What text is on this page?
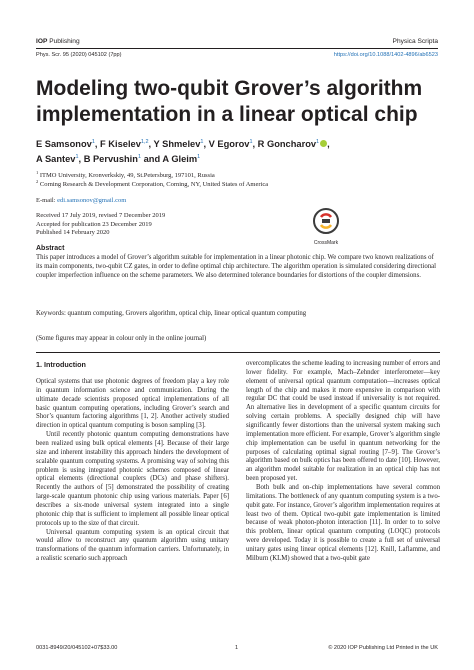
IOP Publishing	Physica Scripta
Phys. Scr. 95 (2020) 045102 (7pp)	https://doi.org/10.1088/1402-4896/ab6523
Modeling two-qubit Grover’s algorithm implementation in a linear optical chip
E Samsonov$^1$, F Kiselev$^{1,2}$, Y Shmelev$^1$, V Egorov$^1$, R Goncharov$^1$ ,
A Santev$^1$, B Pervushin$^1$ and A Gleim$^1$
$^1$ ITMO University, Kronverkskiy, 49, St.Petersburg, 197101, Russia
$^2$ Corning Research & Development Corporation, Corning, NY, United States of America
E-mail: edi.samsonov@gmail.com
Received 17 July 2019, revised 7 December 2019
Accepted for publication 23 December 2019
Published 14 February 2020
CrossMark
Abstract
This paper introduces a model of Grover’s algorithm suitable for implementation in a linear photonic chip. We compare two known realizations of its main components, two-qubit CZ gates, in order to define optimal chip architecture. The algorithm operation is simulated considering directional coupler imperfection influence on the scheme parameters. We also determined tolerance boundaries for distortions of the coupler dimensions.
Keywords: quantum computing, Grovers algorithm, optical chip, linear optical quantum computing
(Some figures may appear in colour only in the online journal)
1. Introduction

Optical systems that use photonic degrees of freedom play a key role in quantum information science and communication. During the ultimate decade scientists proposed optical implementations of all basic quantum computing operations, including Grover’s search and Shor’s quantum factoring algorithms [1, 2]. Another actively studied direction in optical quantum computing is boson sampling [3].

Until recently photonic quantum computing demonstrations have been realized using bulk optical elements [4]. Because of their large size and inherent instability this approach hinders the development of scalable quantum computing systems. A promising way of solving this problem is using integrated photonic schemes composed of linear optical elements (directional couplers (DCs) and phase shifters). Recently the authors of [5] demonstrated the possibility of creating large-scale quantum photonic chip using various materials. Paper [6] describes a six-mode universal system integrated into a single photonic chip that is sufficient to implement all possible linear optical protocols up to the size of that circuit.

Universal quantum computing system is an optical circuit that would allow to reconstruct any quantum algorithm using unitary transformations of the quantum information carriers. Unfortunately, in a realistic scenario such approach

overcomplicates the scheme leading to increasing number of errors and lower fidelity. For example, Mach–Zehnder interferometer—key element of universal optical quantum computation—increases optical length of the chip and makes it more expensive in comparison with regular DC that could be used instead if universality is not required. An alternative lies in development of a specific quantum circuits for solving certain problems. A specially designed chip will have significantly fewer distortions than the universal system making such implementation more efficient. For example, Grover’s algorithm single chip implementation can be useful in quantum networking for the purposes of calculating optimal signal routing [7–9]. The Grover’s algorithm based on bulk optics has been offered to date [10]. However, an algorithm model suitable for realization in an optical chip has not been proposed yet.

Both bulk and on-chip implementations have several common limitations. The bottleneck of any quantum computing system is a two-qubit gate. For instance, Grover’s algorithm implementation requires at least two of them. Optical two-qubit gate implementation is limited because of weak photon-photon interaction [11]. In order to to solve this problem, linear optical quantum computing (LOQC) protocols were developed. Today it is possible to create a full set of universal unitary gates using linear optical elements [12]. Knill, Laflamme, and Milburn (KLM) showed that a two-qubit gate

0031-8949/20/045102+07$33.00	1	© 2020 IOP Publishing Ltd Printed in the UK
